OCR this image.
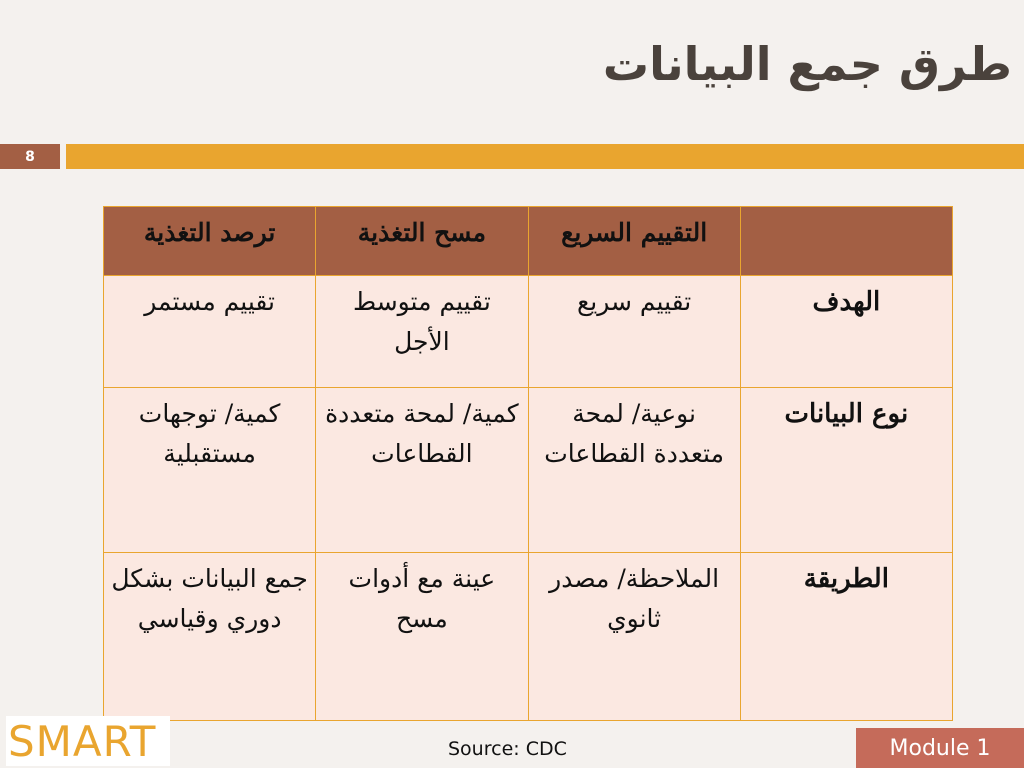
طرق جمع البيانات
8
	التقييم السريع	مسح التغذية	ترصد التغذية
الهدف	تقييم سريع	تقييم متوسط الأجل	تقييم مستمر
نوع البيانات	نوعية/ لمحة متعددة القطاعات	كمية/ لمحة متعددة القطاعات	كمية/ توجهات مستقبلية
الطريقة	الملاحظة/ مصدر ثانوي	عينة مع أدوات مسح	جمع البيانات بشكل دوري وقياسي
SMART	Source: CDC	Module 1
